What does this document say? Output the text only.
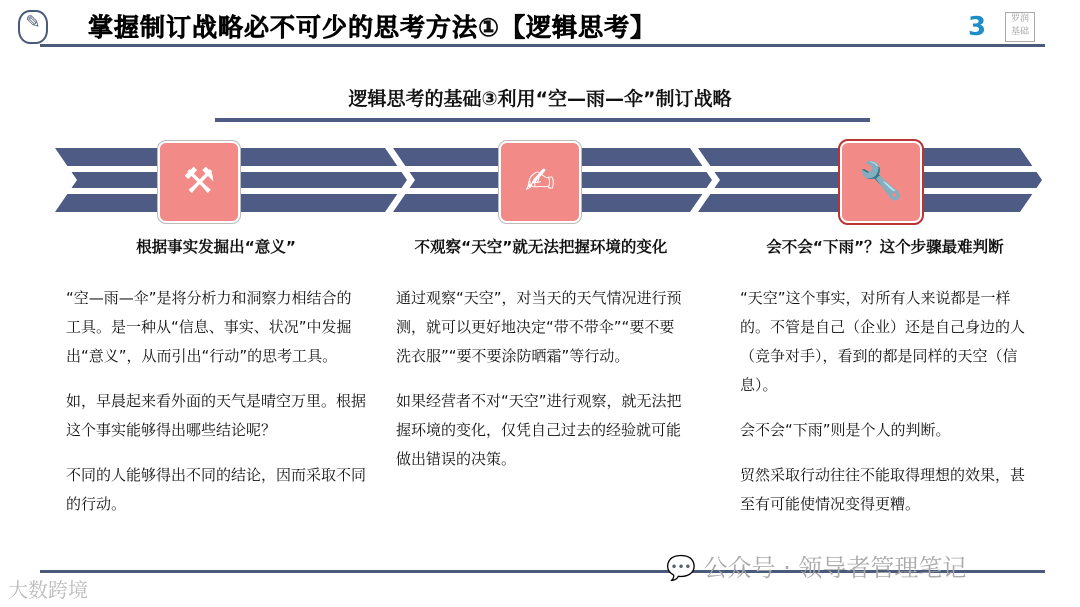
✎ 掌握制订战略必不可少的思考方法①【逻辑思考】	3	罗润 基础
逻辑思考的基础③利用“空—雨—伞”制订战略
⚒	✍	🔧
根据事实发掘出“意义”

“空—雨—伞”是将分析力和洞察力相结合的工具。是一种从“信息、事实、状况”中发掘出“意义”，从而引出“行动”的思考工具。

如，早晨起来看外面的天气是晴空万里。根据这个事实能够得出哪些结论呢？

不同的人能够得出不同的结论，因而采取不同的行动。

不观察“天空”就无法把握环境的变化

通过观察“天空”，对当天的天气情况进行预测，就可以更好地决定“带不带伞”“要不要洗衣服”“要不要涂防晒霜”等行动。

如果经营者不对“天空”进行观察，就无法把握环境的变化，仅凭自己过去的经验就可能做出错误的决策。

会不会“下雨”？这个步骤最难判断

“天空”这个事实，对所有人来说都是一样的。不管是自己（企业）还是自己身边的人（竞争对手），看到的都是同样的天空（信息）。

会不会“下雨”则是个人的判断。

贸然采取行动往往不能取得理想的效果，甚至有可能使情况变得更糟。

💬 公众号 · 领导者管理笔记
大数跨境
